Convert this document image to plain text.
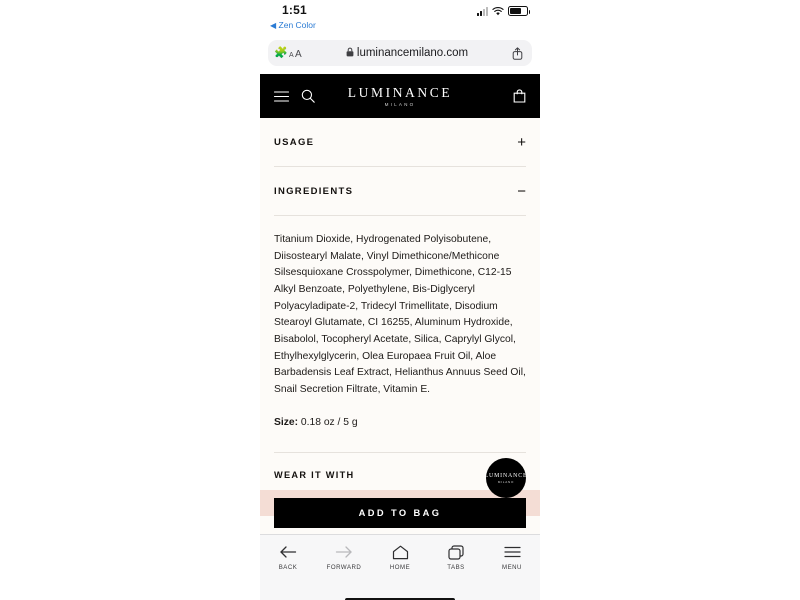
1:51
◀ Zen Color
🧩 A A	luminancemilano.com
LUMINANCE
MILANO
USAGE	+
INGREDIENTS	−
Titanium Dioxide, Hydrogenated Polyisobutene, Diisostearyl Malate, Vinyl Dimethicone/Methicone Silsesquioxane Crosspolymer, Dimethicone, C12-15 Alkyl Benzoate, Polyethylene, Bis-Diglyceryl Polyacyladipate-2, Tridecyl Trimellitate, Disodium Stearoyl Glutamate, CI 16255, Aluminum Hydroxide, Bisabolol, Tocopheryl Acetate, Silica, Caprylyl Glycol, Ethylhexylglycerin, Olea Europaea Fruit Oil, Aloe Barbadensis Leaf Extract, Helianthus Annuus Seed Oil, Snail Secretion Filtrate, Vitamin E.
Size: 0.18 oz / 5 g
WEAR IT WITH	LUMINANCE
MILANO
ADD TO BAG
BACK	FORWARD	HOME	TABS	MENU
